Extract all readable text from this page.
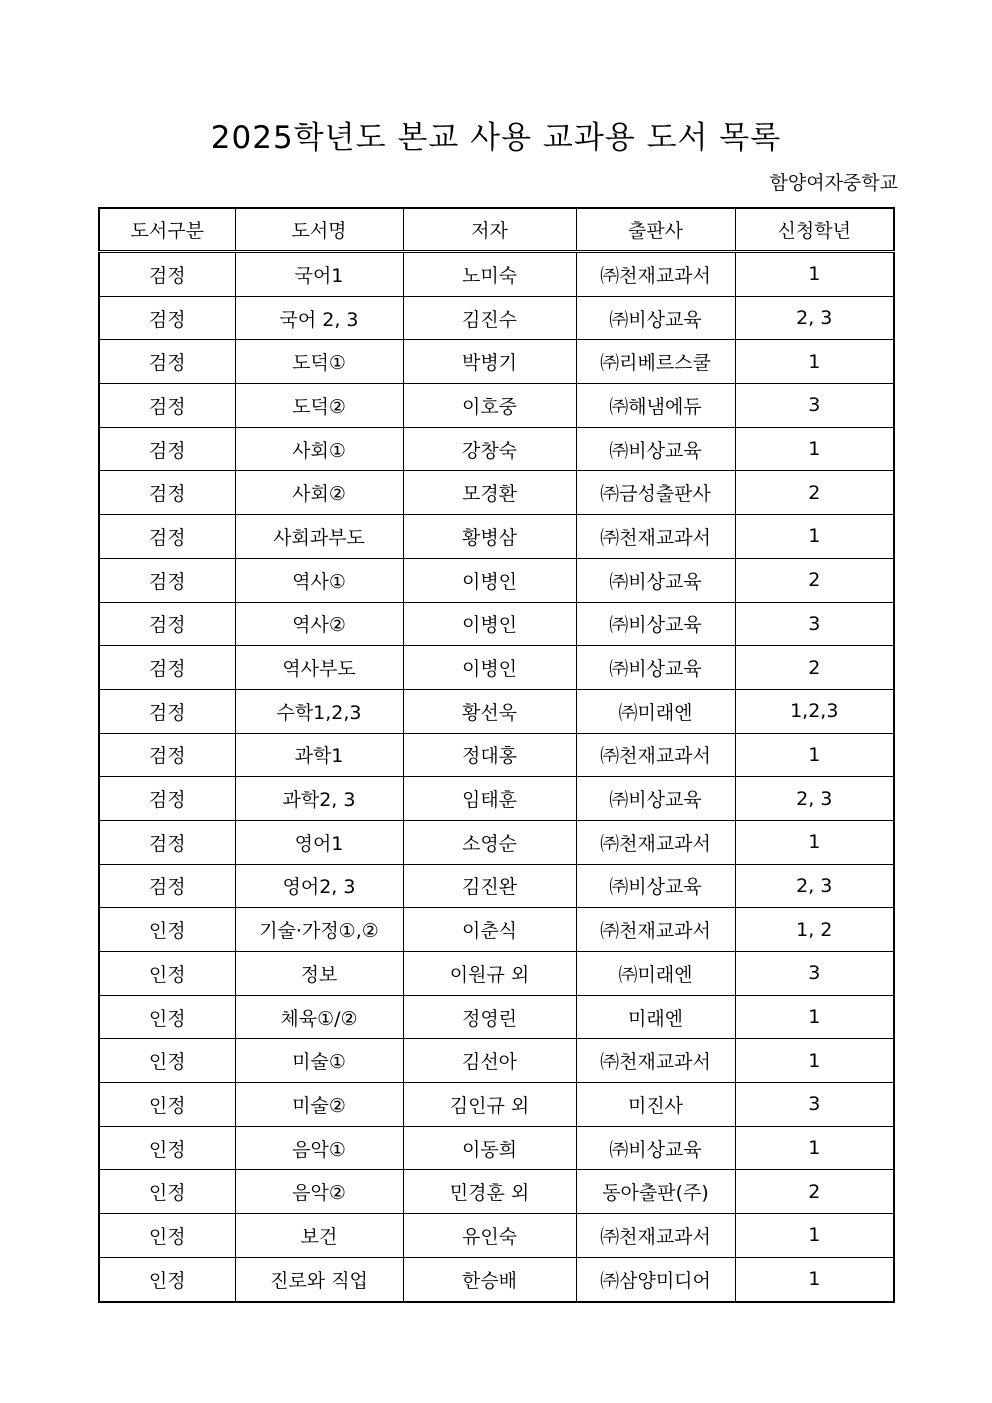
2025학년도 본교 사용 교과용 도서 목록
함양여자중학교
도서구분	도서명	저자	출판사	신청학년
검정	국어1	노미숙	㈜천재교과서	1
검정	국어 2, 3	김진수	㈜비상교육	2, 3
검정	도덕①	박병기	㈜리베르스쿨	1
검정	도덕②	이호중	㈜해냄에듀	3
검정	사회①	강창숙	㈜비상교육	1
검정	사회②	모경환	㈜금성출판사	2
검정	사회과부도	황병삼	㈜천재교과서	1
검정	역사①	이병인	㈜비상교육	2
검정	역사②	이병인	㈜비상교육	3
검정	역사부도	이병인	㈜비상교육	2
검정	수학1,2,3	황선욱	㈜미래엔	1,2,3
검정	과학1	정대홍	㈜천재교과서	1
검정	과학2, 3	임태훈	㈜비상교육	2, 3
검정	영어1	소영순	㈜천재교과서	1
검정	영어2, 3	김진완	㈜비상교육	2, 3
인정	기술·가정①,②	이춘식	㈜천재교과서	1, 2
인정	정보	이원규 외	㈜미래엔	3
인정	체육①/②	정영린	미래엔	1
인정	미술①	김선아	㈜천재교과서	1
인정	미술②	김인규 외	미진사	3
인정	음악①	이동희	㈜비상교육	1
인정	음악②	민경훈 외	동아출판(주)	2
인정	보건	유인숙	㈜천재교과서	1
인정	진로와 직업	한승배	㈜삼양미디어	1
